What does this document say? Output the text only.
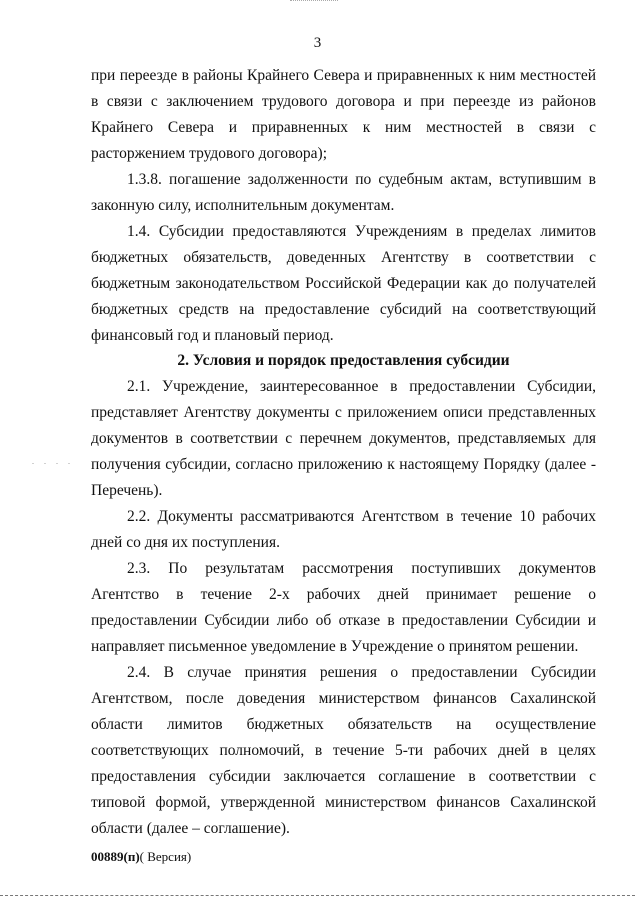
3

при переезде в районы Крайнего Севера и приравненных к ним местностей в связи с заключением трудового договора и при переезде из районов Крайнего Севера и приравненных к ним местностей в связи с расторжением трудового договора);

1.3.8. погашение задолженности по судебным актам, вступившим в законную силу, исполнительным документам.

1.4. Субсидии предоставляются Учреждениям в пределах лимитов бюджетных обязательств, доведенных Агентству в соответствии с бюджетным законодательством Российской Федерации как до получателей бюджетных средств на предоставление субсидий на соответствующий финансовый год и плановый период.

2. Условия и порядок предоставления субсидии
. . . .

2.1. Учреждение, заинтересованное в предоставлении Субсидии, представляет Агентству документы с приложением описи представленных документов в соответствии с перечнем документов, представляемых для получения субсидии, согласно приложению к настоящему Порядку (далее - Перечень).

2.2. Документы рассматриваются Агентством в течение 10 рабочих дней со дня их поступления.

2.3. По результатам рассмотрения поступивших документов Агентство в течение 2-х рабочих дней принимает решение о предоставлении Субсидии либо об отказе в предоставлении Субсидии и направляет письменное уведомление в Учреждение о принятом решении.

2.4. В случае принятия решения о предоставлении Субсидии Агентством, после доведения министерством финансов Сахалинской области лимитов бюджетных обязательств на осуществление соответствующих полномочий, в течение 5-ти рабочих дней в целях предоставления субсидии заключается соглашение в соответствии с типовой формой, утвержденной министерством финансов Сахалинской области (далее – соглашение).

00889(п)( Версия)
